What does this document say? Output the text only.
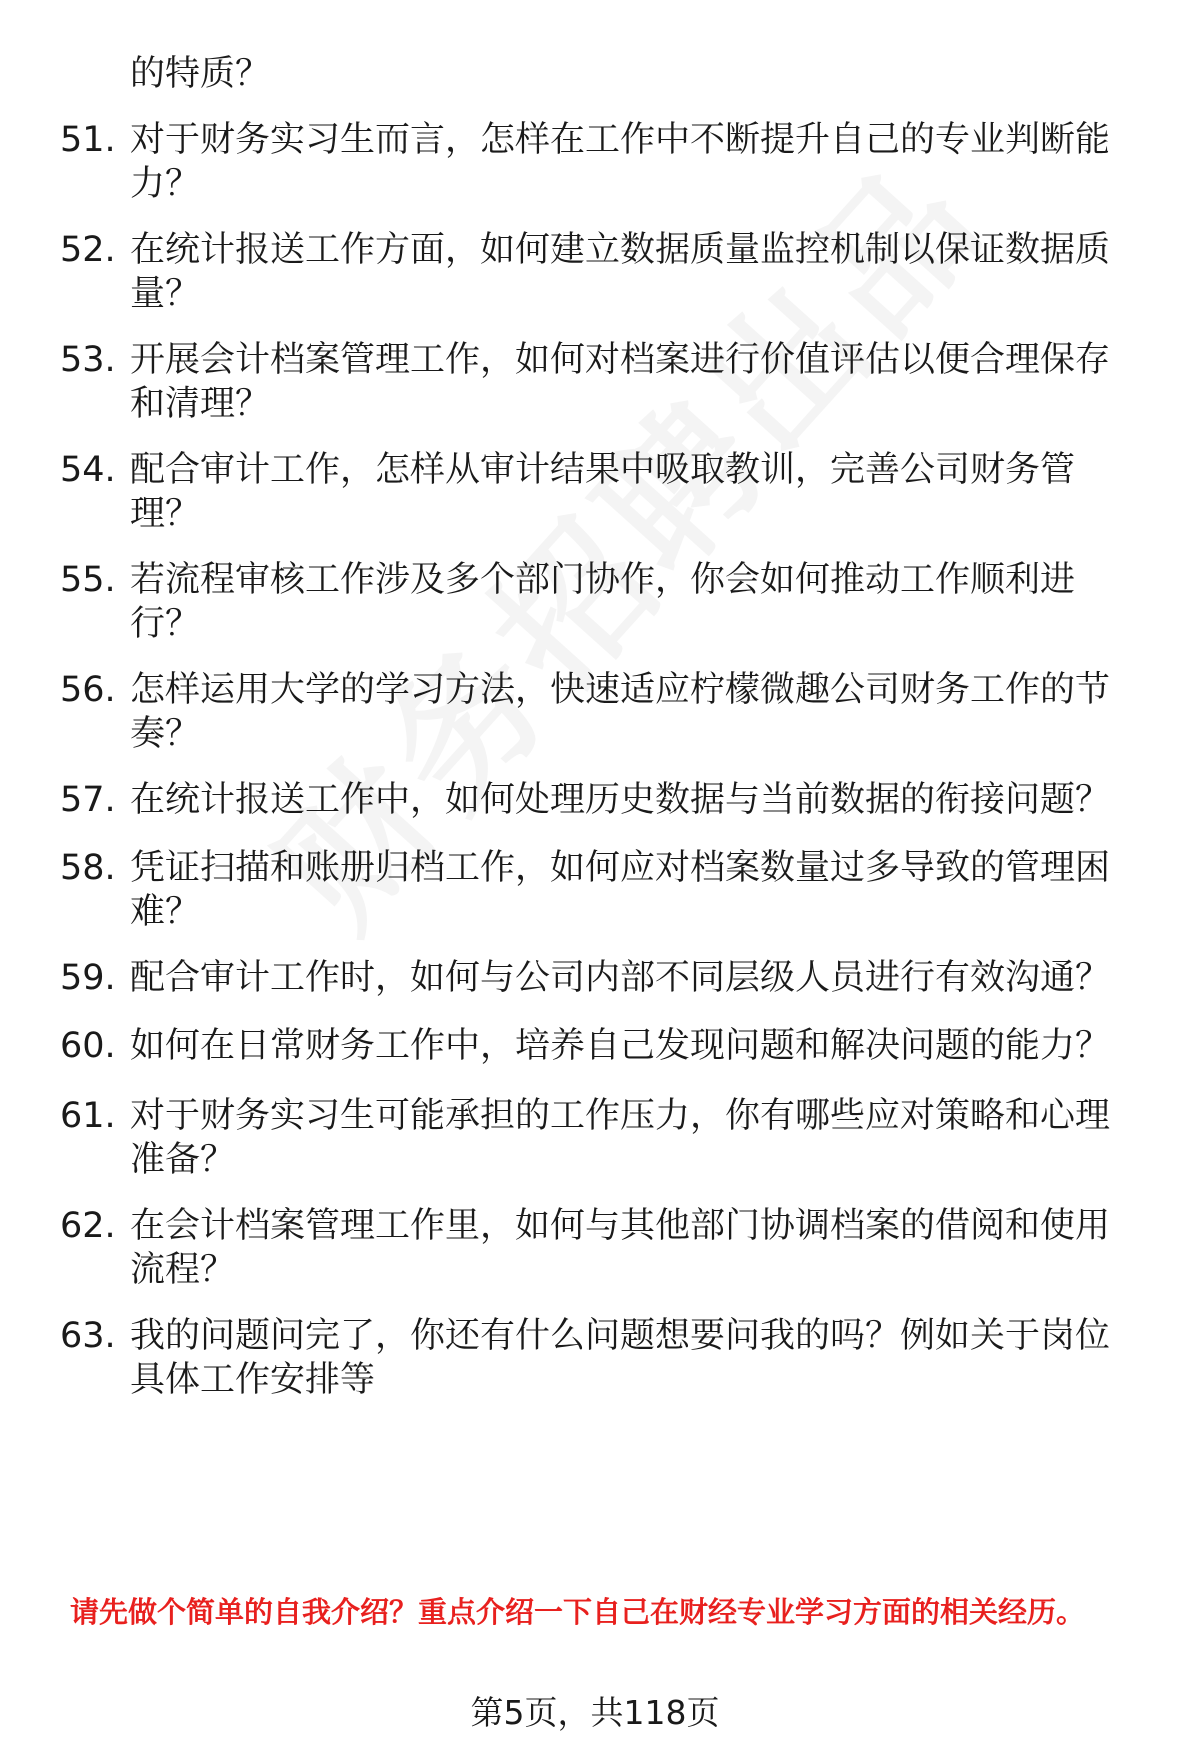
的特质？
51. 对于财务实习生而言，怎样在工作中不断提升自己的专业判断能
力？
52. 在统计报送工作方面，如何建立数据质量监控机制以保证数据质
量？
53. 开展会计档案管理工作，如何对档案进行价值评估以便合理保存
和清理？
54. 配合审计工作，怎样从审计结果中吸取教训，完善公司财务管
理？
55. 若流程审核工作涉及多个部门协作，你会如何推动工作顺利进
行？
56. 怎样运用大学的学习方法，快速适应柠檬微趣公司财务工作的节
奏？
57. 在统计报送工作中，如何处理历史数据与当前数据的衔接问题？
58. 凭证扫描和账册归档工作，如何应对档案数量过多导致的管理困
难？
59. 配合审计工作时，如何与公司内部不同层级人员进行有效沟通？
60. 如何在日常财务工作中，培养自己发现问题和解决问题的能力？
61. 对于财务实习生可能承担的工作压力，你有哪些应对策略和心理
准备？
62. 在会计档案管理工作里，如何与其他部门协调档案的借阅和使用
流程？
63. 我的问题问完了，你还有什么问题想要问我的吗？例如关于岗位
具体工作安排等
请先做个简单的自我介绍？重点介绍一下自己在财经专业学习方面的相关经历。
第5页，共118页
